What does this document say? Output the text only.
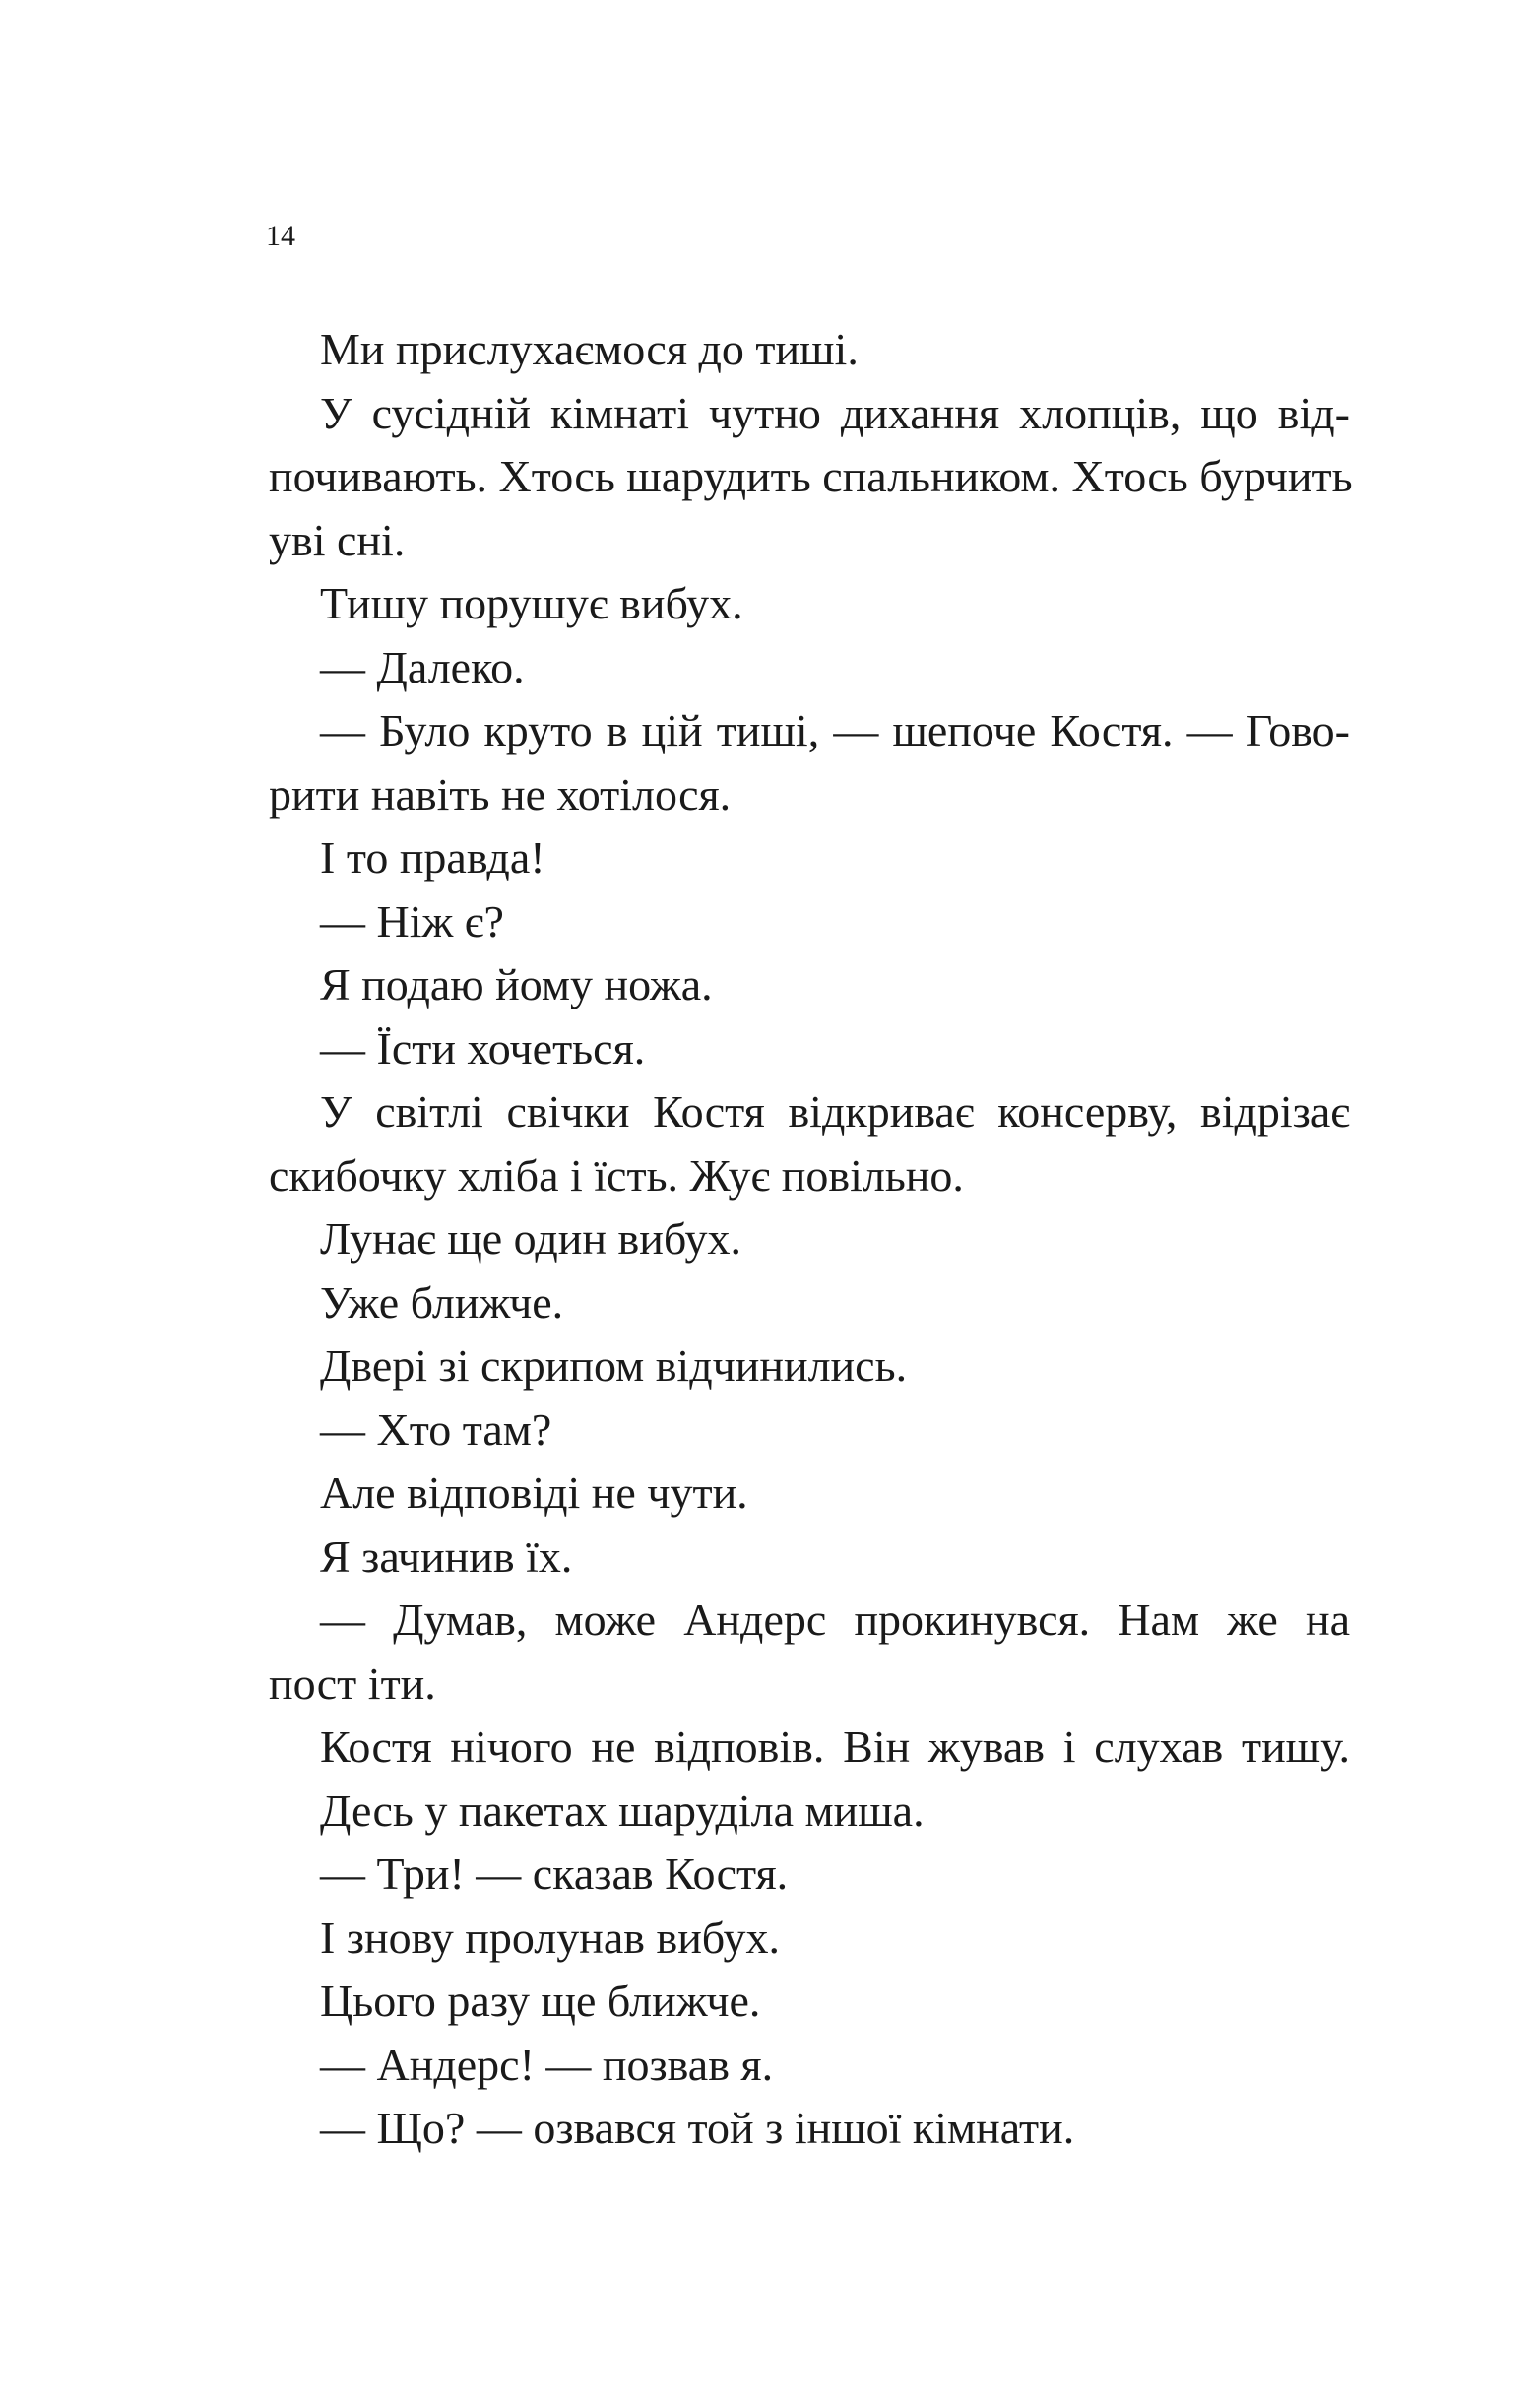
14
Ми прислухаємося до тиші.
У сусідній кімнаті чутно дихання хлопців, що від-
почивають. Хтось шарудить спальником. Хтось бурчить
уві сні.
Тишу порушує вибух.
— Далеко.
— Було круто в цій тиші, — шепоче Костя. — Гово-
рити навіть не хотілося.
І то правда!
— Ніж є?
Я подаю йому ножа.
— Їсти хочеться.
У світлі свічки Костя відкриває консерву, відрізає
скибочку хліба і їсть. Жує повільно.
Лунає ще один вибух.
Уже ближче.
Двері зі скрипом відчинились.
— Хто там?
Але відповіді не чути.
Я зачинив їх.
— Думав, може Андерс прокинувся. Нам же на
пост іти.
Костя нічого не відповів. Він жував і слухав тишу.
Десь у пакетах шаруділа миша.
— Три! — сказав Костя.
І знову пролунав вибух.
Цього разу ще ближче.
— Андерс! — позвав я.
— Що? — озвався той з іншої кімнати.
